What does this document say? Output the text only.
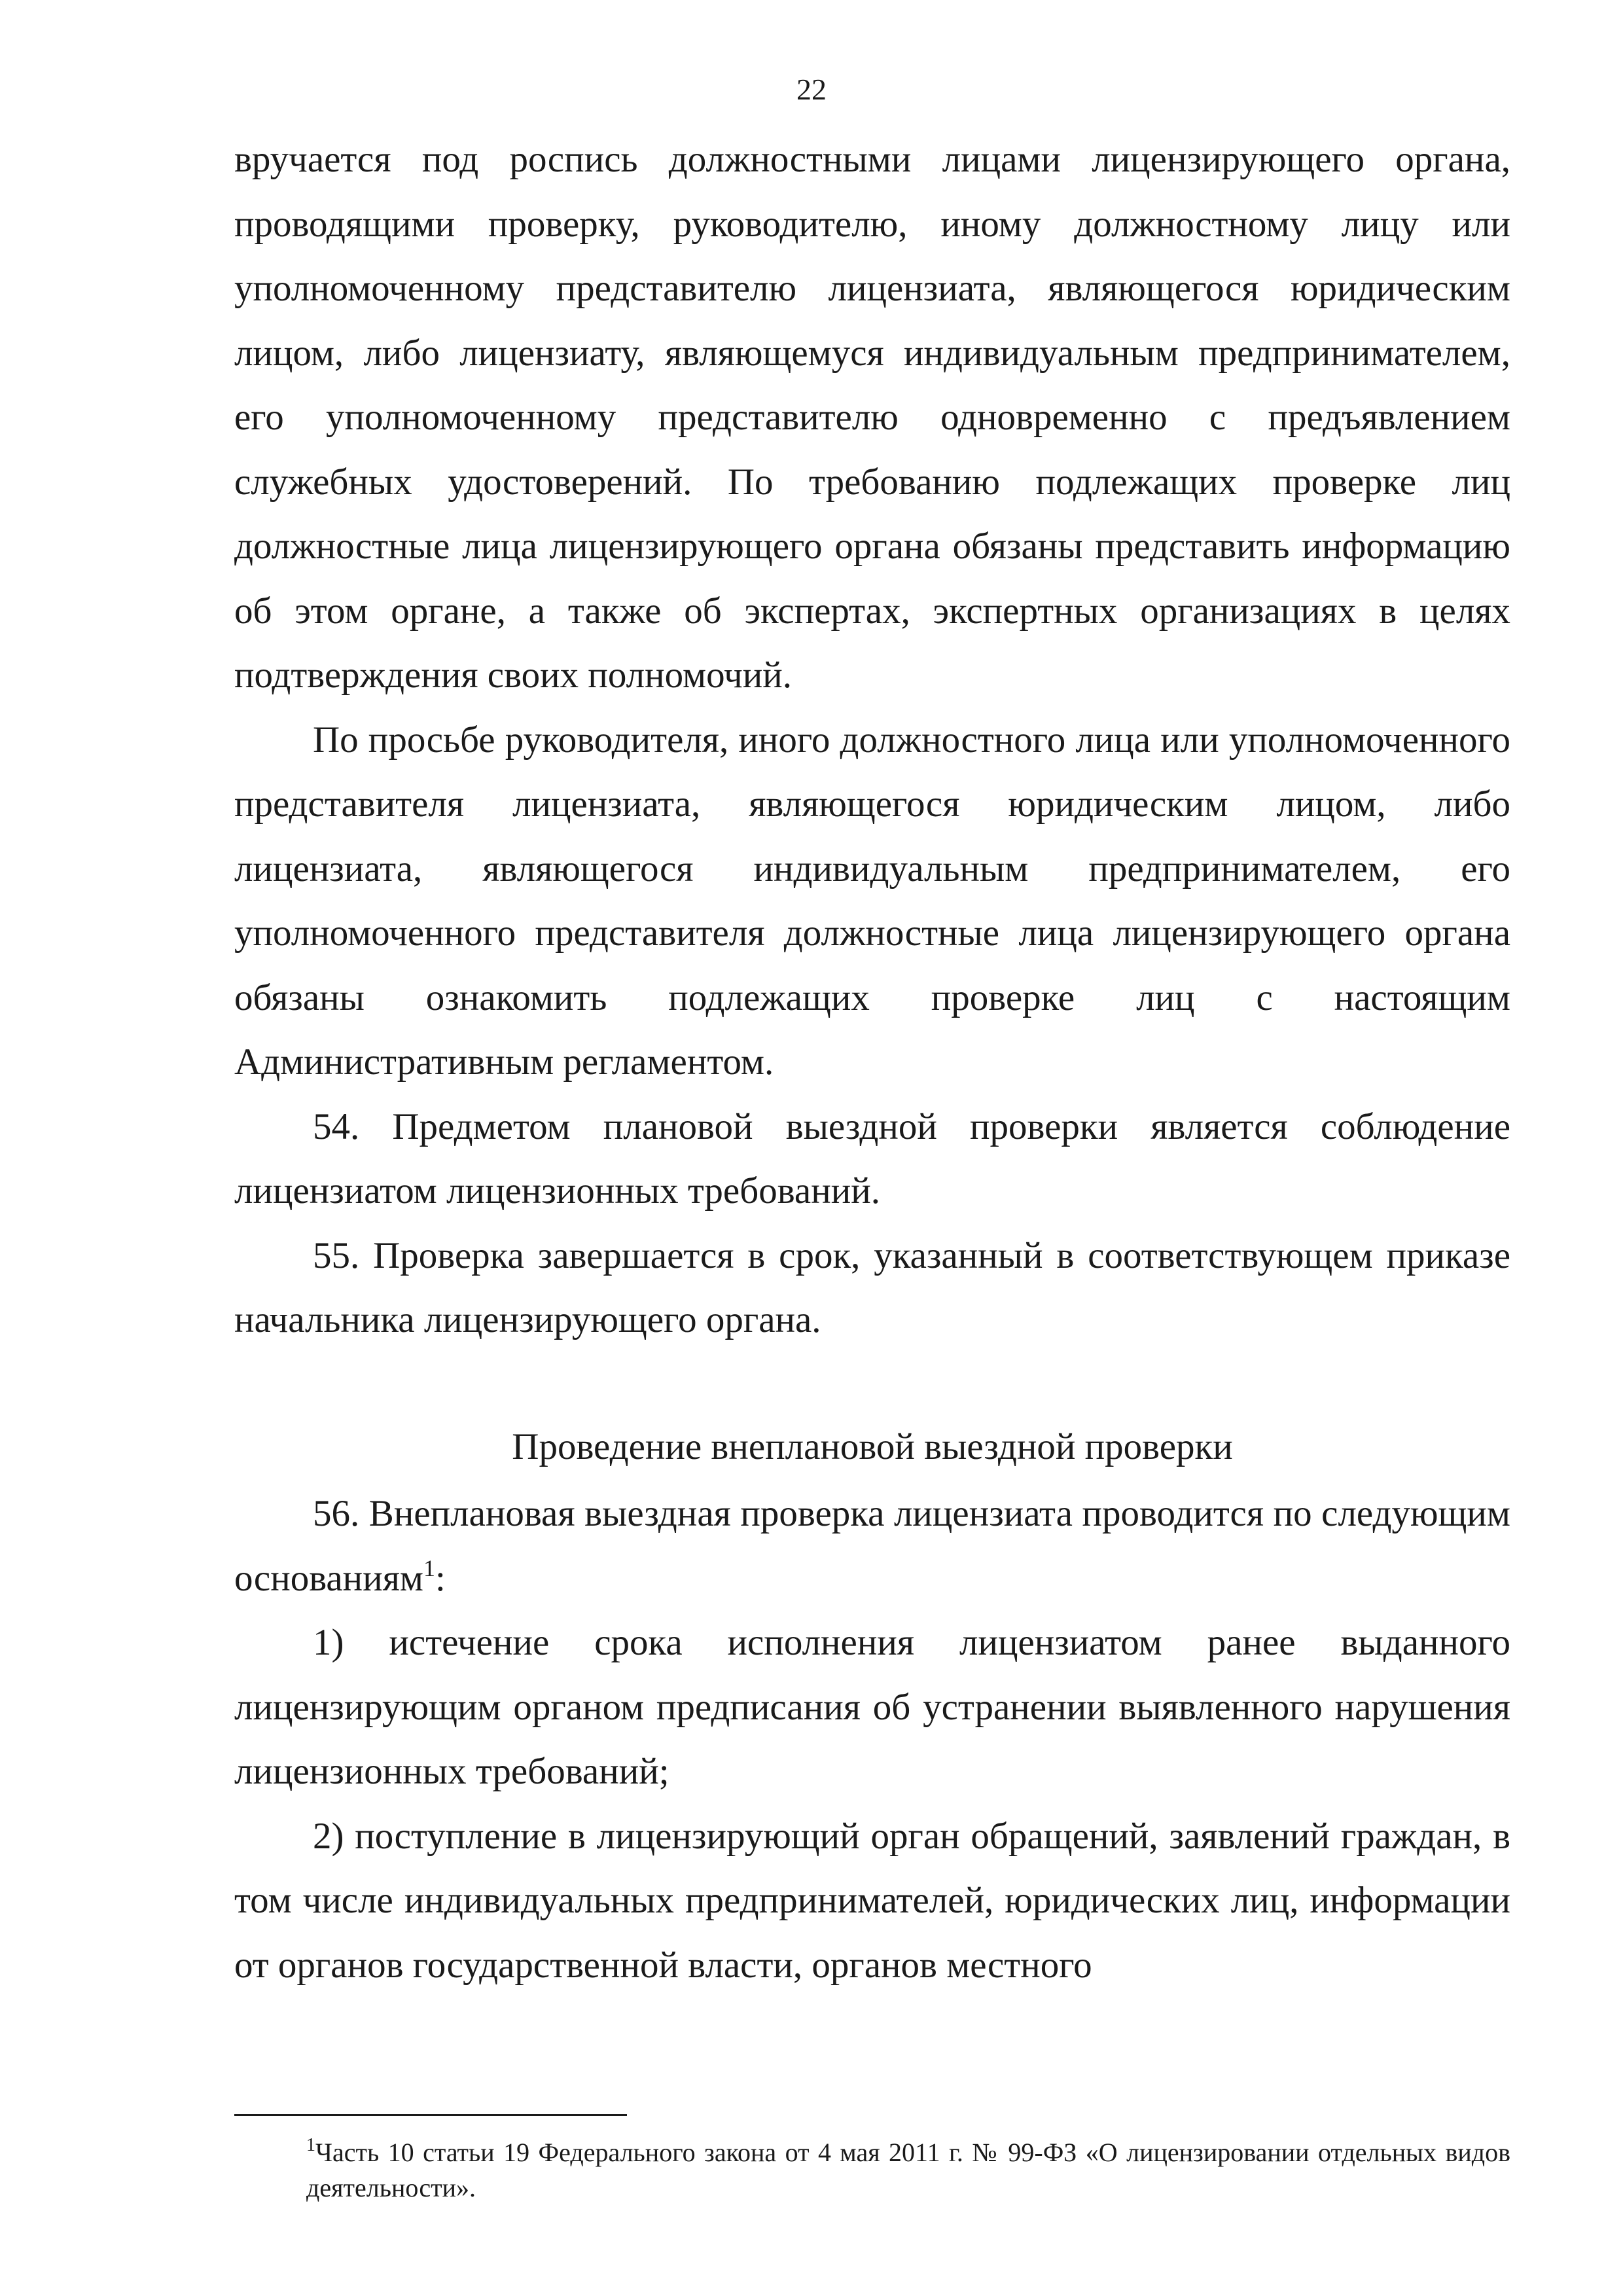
22

вручается под роспись должностными лицами лицензирующего органа, проводящими проверку, руководителю, иному должностному лицу или уполномоченному представителю лицензиата, являющегося юридическим лицом, либо лицензиату, являющемуся индивидуальным предпринимателем, его уполномоченному представителю одновременно с предъявлением служебных удостоверений. По требованию подлежащих проверке лиц должностные лица лицензирующего органа обязаны представить информацию об этом органе, а также об экспертах, экспертных организациях в целях подтверждения своих полномочий.

По просьбе руководителя, иного должностного лица или уполномоченного представителя лицензиата, являющегося юридическим лицом, либо лицензиата, являющегося индивидуальным предпринимателем, его уполномоченного представителя должностные лица лицензирующего органа обязаны ознакомить подлежащих проверке лиц с настоящим Административным регламентом.

54. Предметом плановой выездной проверки является соблюдение лицензиатом лицензионных требований.

55. Проверка завершается в срок, указанный в соответствующем приказе начальника лицензирующего органа.

Проведение внеплановой выездной проверки

56. Внеплановая выездная проверка лицензиата проводится по следующим основаниям$^1$:

1) истечение срока исполнения лицензиатом ранее выданного лицензирующим органом предписания об устранении выявленного нарушения лицензионных требований;

2) поступление в лицензирующий орган обращений, заявлений граждан, в том числе индивидуальных предпринимателей, юридических лиц, информации от органов государственной власти, органов местного

$^1$Часть 10 статьи 19 Федерального закона от 4 мая 2011 г. № 99-ФЗ «О лицензировании отдельных видов деятельности».
